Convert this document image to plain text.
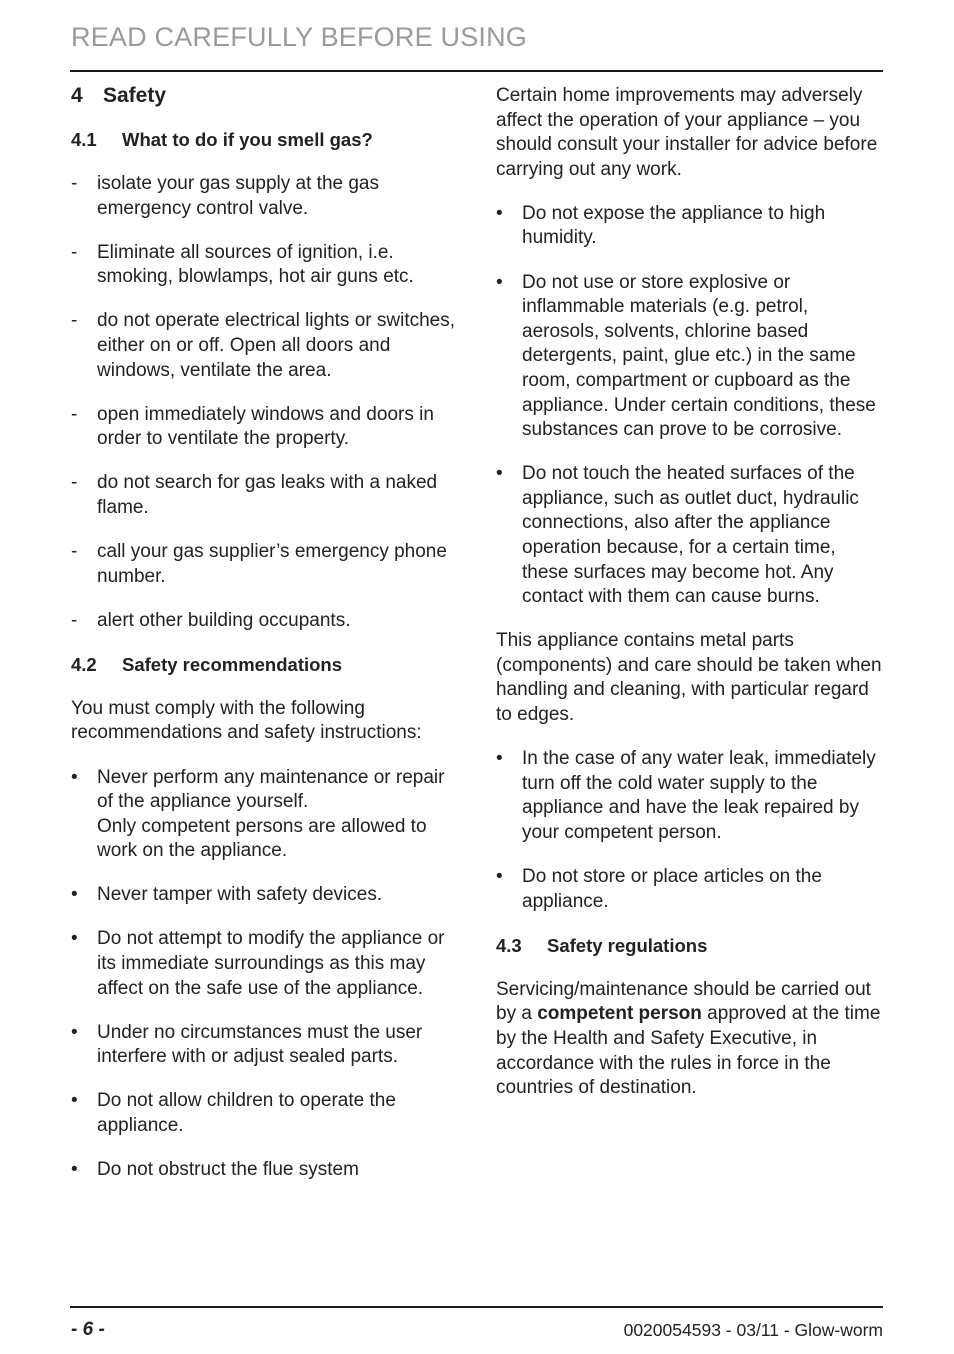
READ CAREFULLY BEFORE USING
4 Safety
4.1 What to do if you smell gas?
- isolate your gas supply at the gas emergency control valve.
- Eliminate all sources of ignition, i.e. smoking, blowlamps, hot air guns etc.
- do not operate electrical lights or switches, either on or off. Open all doors and windows, ventilate the area.
- open immediately windows and doors in order to ventilate the property.
- do not search for gas leaks with a naked flame.
- call your gas supplier’s emergency phone number.
- alert other building occupants.
4.2 Safety recommendations

You must comply with the following recommendations and safety instructions:

• Never perform any maintenance or repair of the appliance yourself.
Only competent persons are allowed to work on the appliance.
• Never tamper with safety devices.
• Do not attempt to modify the appliance or its immediate surroundings as this may affect on the safe use of the appliance.
• Under no circumstances must the user interfere with or adjust sealed parts.
• Do not allow children to operate the appliance.
• Do not obstruct the flue system

Certain home improvements may adversely affect the operation of your appliance – you should consult your installer for advice before carrying out any work.

• Do not expose the appliance to high humidity.
• Do not use or store explosive or inflammable materials (e.g. petrol, aerosols, solvents, chlorine based detergents, paint, glue etc.) in the same room, compartment or cupboard as the appliance. Under certain conditions, these substances can prove to be corrosive.
• Do not touch the heated surfaces of the appliance, such as outlet duct, hydraulic connections, also after the appliance operation because, for a certain time, these surfaces may become hot. Any contact with them can cause burns.

This appliance contains metal parts (components) and care should be taken when handling and cleaning, with particular regard to edges.

• In the case of any water leak, immediately turn off the cold water supply to the appliance and have the leak repaired by your competent person.
• Do not store or place articles on the appliance.
4.3 Safety regulations

Servicing/maintenance should be carried out by a competent person approved at the time by the Health and Safety Executive, in accordance with the rules in force in the countries of destination.

- 6 -	0020054593 - 03/11 - Glow-worm
